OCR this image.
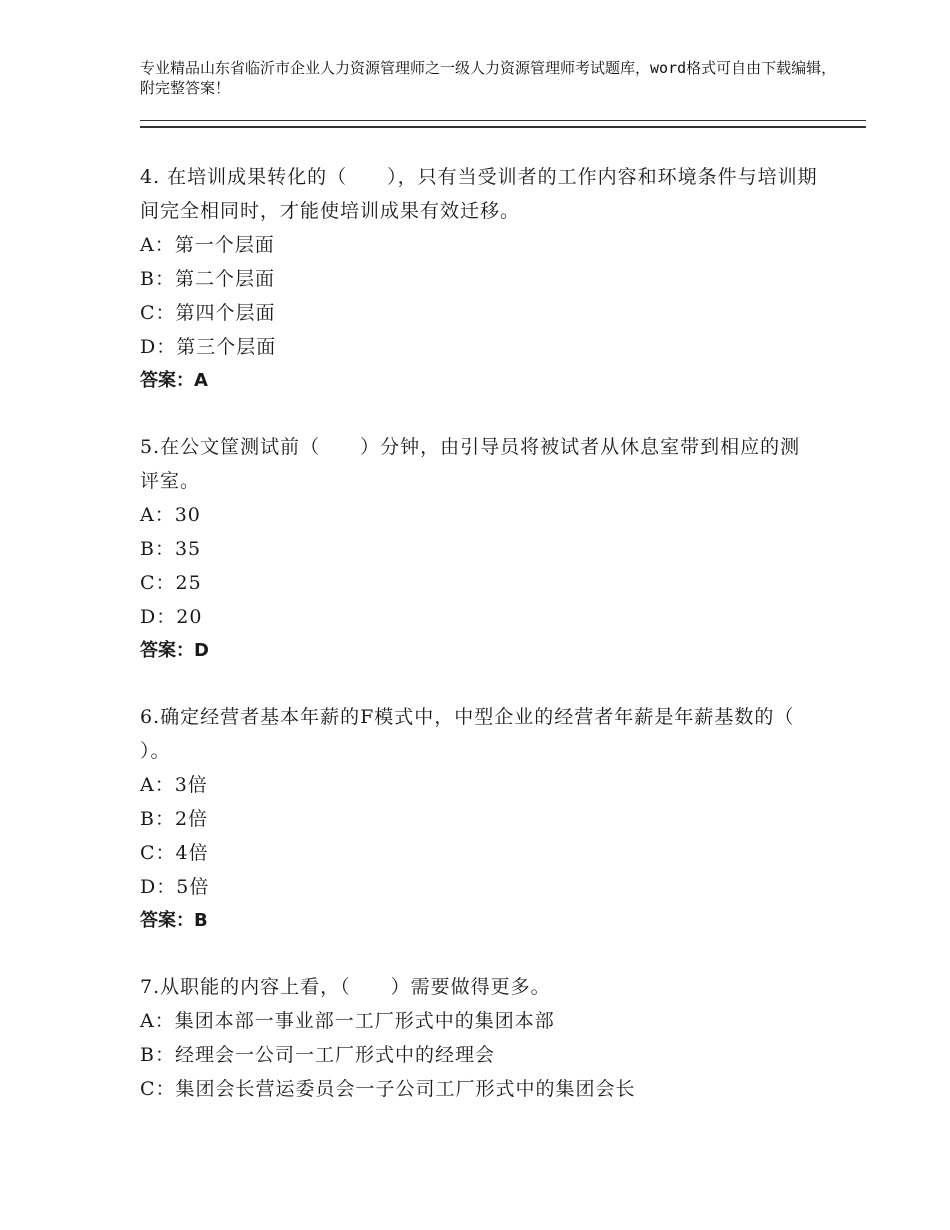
专业精品山东省临沂市企业人力资源管理师之一级人力资源管理师考试题库，word格式可自由下载编辑，附完整答案！

4. 在培训成果转化的（　　），只有当受训者的工作内容和环境条件与培训期间完全相同时，才能使培训成果有效迁移。

A：第一个层面

B：第二个层面

C：第四个层面

D：第三个层面

答案：A

5.在公文筐测试前（　　）分钟，由引导员将被试者从休息室带到相应的测评室。

A：30

B：35

C：25

D：20

答案：D

6.确定经营者基本年薪的F模式中，中型企业的经营者年薪是年薪基数的（ ）。

A：3倍

B：2倍

C：4倍

D：5倍

答案：B

7.从职能的内容上看，（　　）需要做得更多。

A：集团本部一事业部一工厂形式中的集团本部

B：经理会一公司一工厂形式中的经理会

C：集团会长营运委员会一子公司工厂形式中的集团会长
